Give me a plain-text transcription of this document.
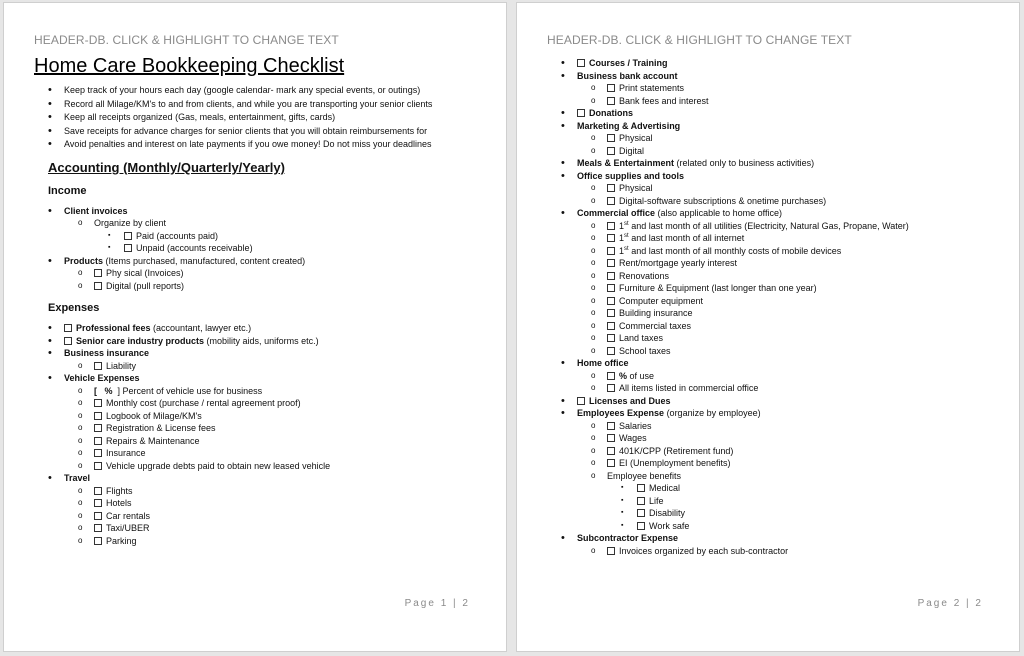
HEADER-DB. CLICK & HIGHLIGHT TO CHANGE TEXT
Home Care Bookkeeping Checklist
• Keep track of your hours each day (google calendar- mark any special events, or outings)
• Record all Milage/KM's to and from clients, and while you are transporting your senior clients
• Keep all receipts organized (Gas, meals, entertainment, gifts, cards)
• Save receipts for advance charges for senior clients that you will obtain reimbursements for
• Avoid penalties and interest on late payments if you owe money! Do not miss your deadlines
Accounting (Monthly/Quarterly/Yearly)
Income
• Client invoices
o Organize by client
▪ Paid (accounts paid)
▪ Unpaid (accounts receivable)
• Products (Items purchased, manufactured, content created)
o Phy sical (Invoices)
o Digital (pull reports)
Expenses
• Professional fees (accountant, lawyer etc.)
• Senior care industry products (mobility aids, uniforms etc.)
• Business insurance
o Liability
• Vehicle Expenses
o [ % ] Percent of vehicle use for business
o Monthly cost (purchase / rental agreement proof)
o Logbook of Milage/KM's
o Registration & License fees
o Repairs & Maintenance
o Insurance
o Vehicle upgrade debts paid to obtain new leased vehicle
• Travel
o Flights
o Hotels
o Car rentals
o Taxi/UBER
o Parking
Page 1 | 2
HEADER-DB. CLICK & HIGHLIGHT TO CHANGE TEXT
• Courses / Training
• Business bank account
o Print statements
o Bank fees and interest
• Donations
• Marketing & Advertising
o Physical
o Digital
• Meals & Entertainment (related only to business activities)
• Office supplies and tools
o Physical
o Digital-software subscriptions & onetime purchases)
• Commercial office (also applicable to home office)
o 1st and last month of all utilities (Electricity, Natural Gas, Propane, Water)
o 1st and last month of all internet
o 1st and last month of all monthly costs of mobile devices
o Rent/mortgage yearly interest
o Renovations
o Furniture & Equipment (last longer than one year)
o Computer equipment
o Building insurance
o Commercial taxes
o Land taxes
o School taxes
• Home office
o % of use
o All items listed in commercial office
• Licenses and Dues
• Employees Expense (organize by employee)
o Salaries
o Wages
o 401K/CPP (Retirement fund)
o EI (Unemployment benefits)
o Employee benefits
▪ Medical
▪ Life
▪ Disability
▪ Work safe
• Subcontractor Expense
o Invoices organized by each sub-contractor
Page 2 | 2
